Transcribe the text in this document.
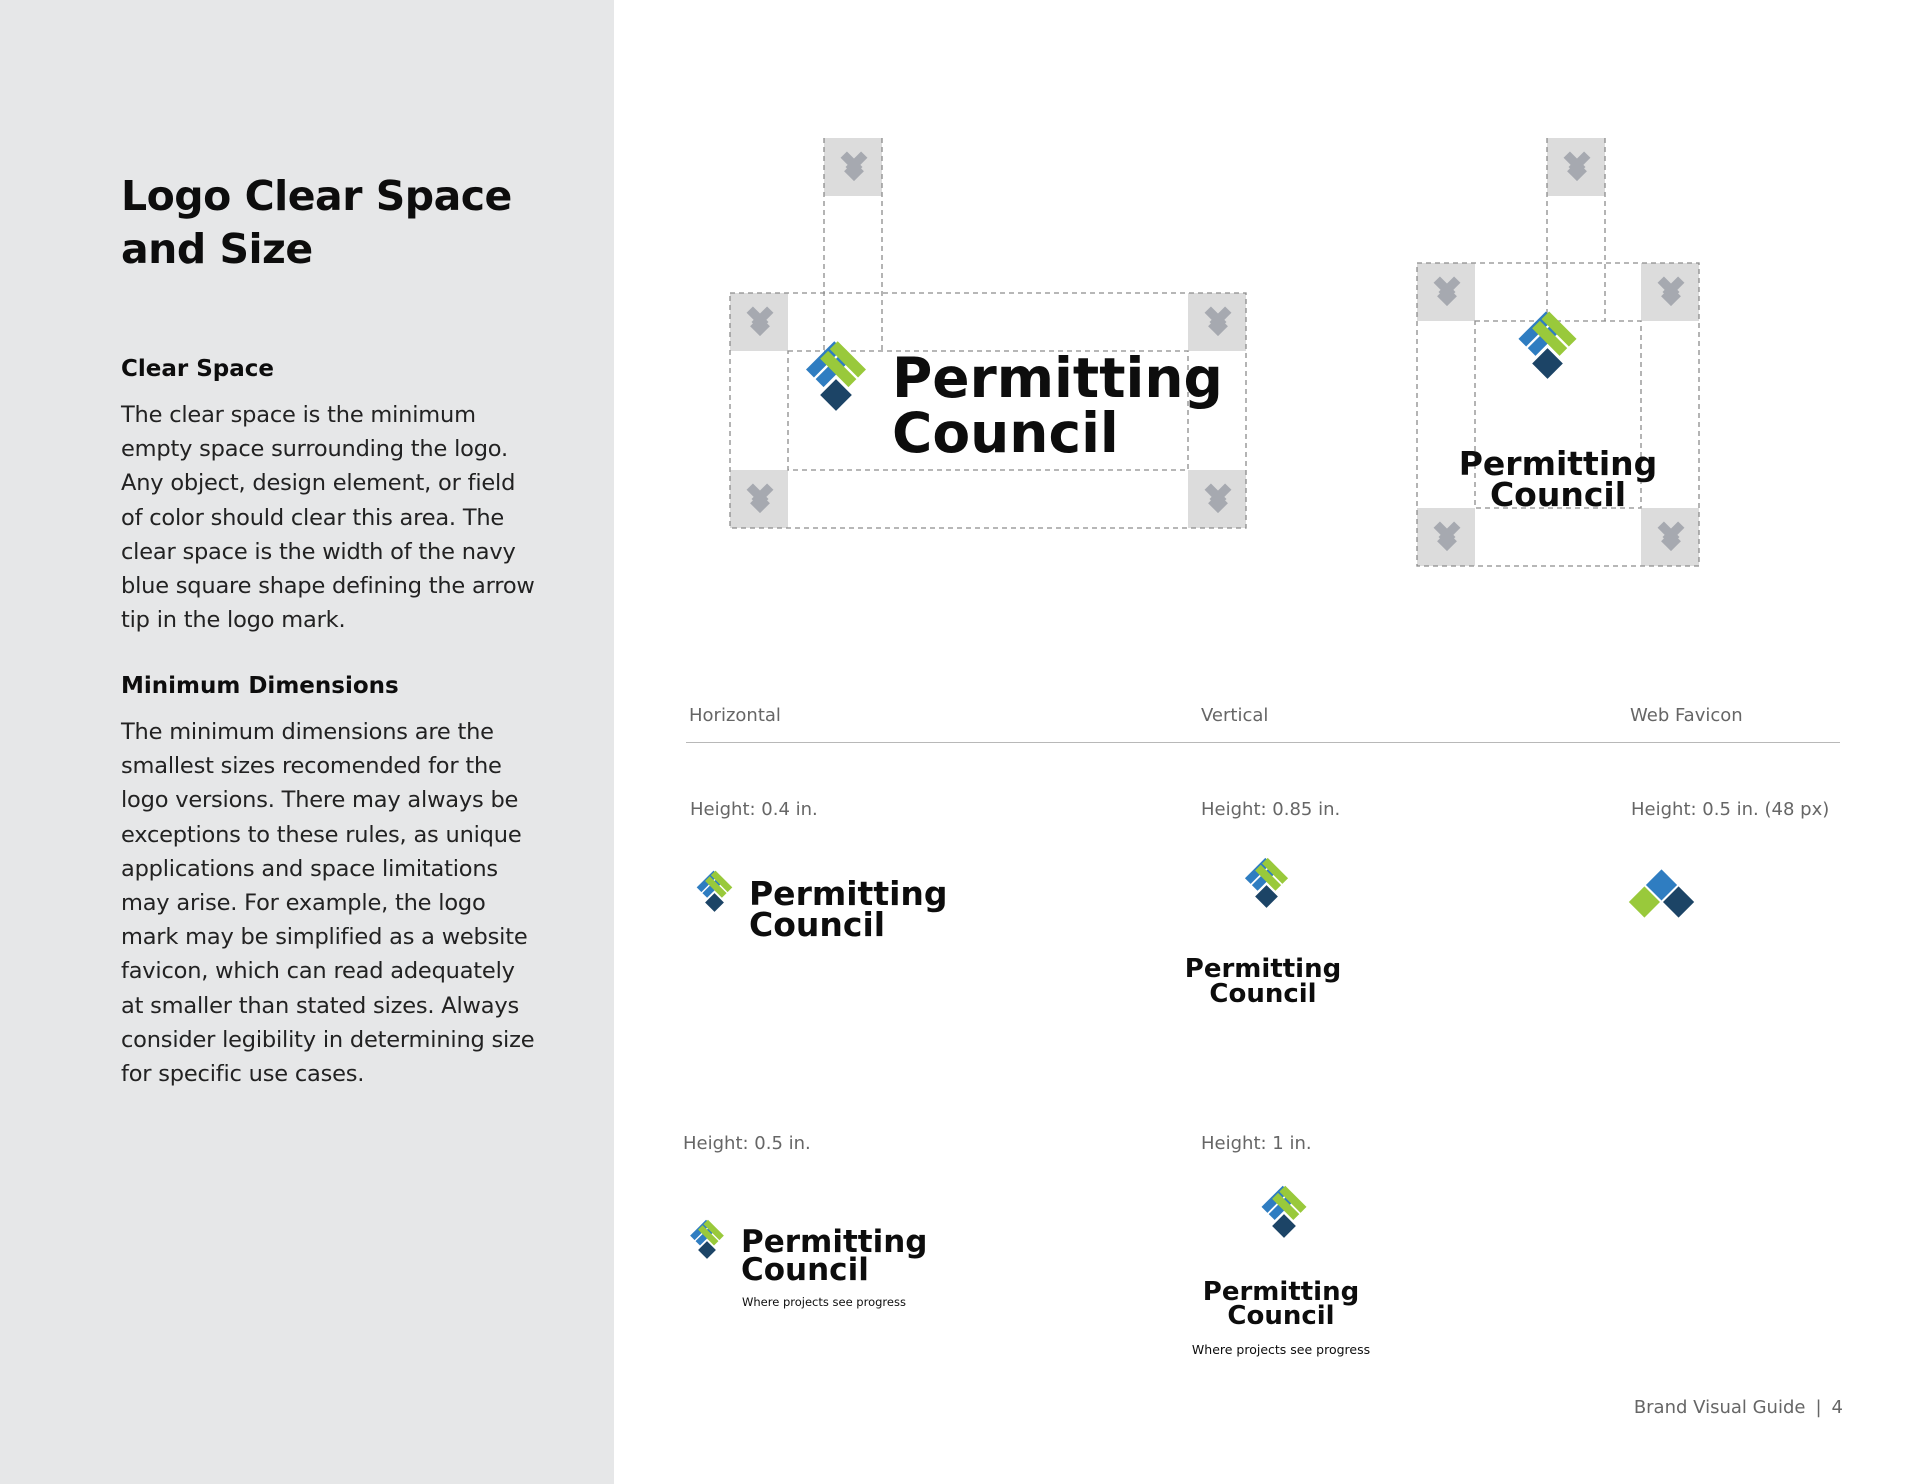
Logo Clear Space and Size
Clear Space

The clear space is the minimum empty space surrounding the logo. Any object, design element, or field of color should clear this area. The clear space is the width of the navy blue square shape defining the arrow tip in the logo mark.

Minimum Dimensions

The minimum dimensions are the smallest sizes recomended for the logo versions. There may always be exceptions to these rules, as unique applications and space limitations may arise. For example, the logo mark may be simplified as a website favicon, which can read adequately at smaller than stated sizes. Always consider legibility in determining size for specific use cases.

Permitting
Council	Permitting
Council
Horizontal	Vertical	Web Favicon
Height: 0.4 in.	Height: 0.85 in.	Height: 0.5 in. (48 px)
Height: 0.5 in.	Height: 1 in.
Permitting
Council
Permitting
Council
Permitting
Council
Where projects see progress	Permitting
Council
Where projects see progress
Brand Visual Guide | 4
